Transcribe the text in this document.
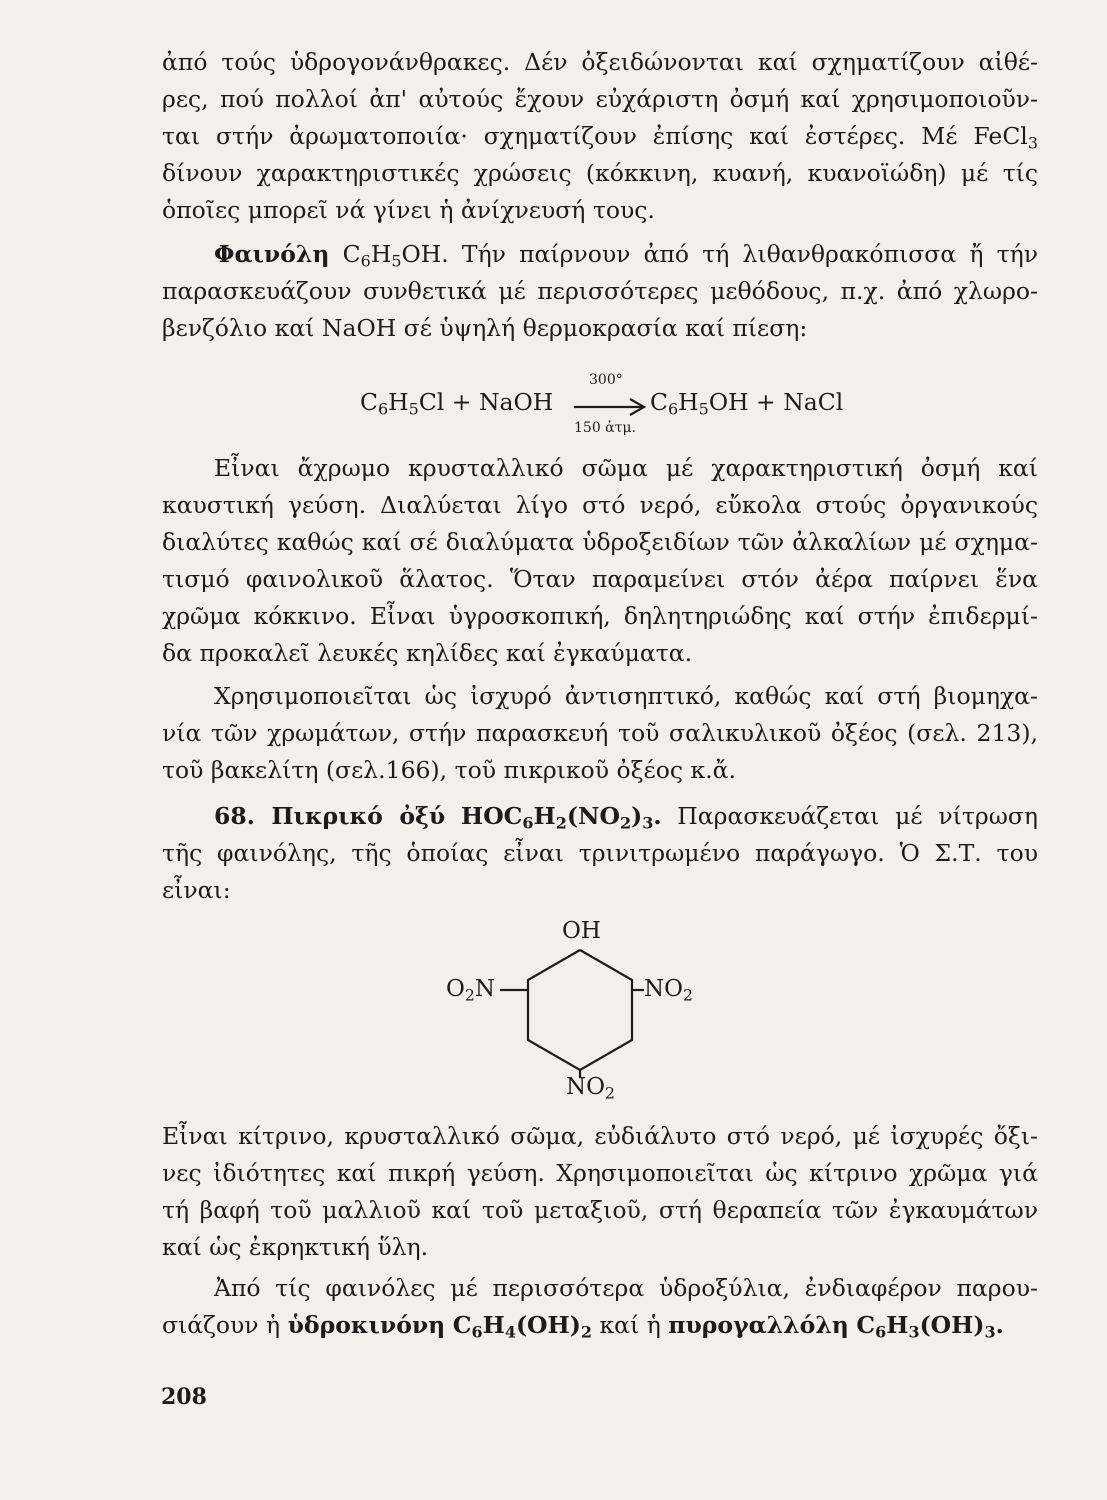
ἀπό τούς ὑδρογονάνθρακες. Δέν ὀξειδώνονται καί σχηματίζουν αἰθέ-
ρες, πού πολλοί ἀπ' αὐτούς ἔχουν εὐχάριστη ὀσμή καί χρησιμοποιοῦν-
ται στήν ἀρωματοποιία· σχηματίζουν ἐπίσης καί ἐστέρες. Μέ FeCl$_3$
δίνουν χαρακτηριστικές χρώσεις (κόκκινη, κυανή, κυανοϊώδη) μέ τίς
ὁποῖες μπορεῖ νά γίνει ἡ ἀνίχνευσή τους.
Φαινόλη $C_6H_5OH$. Τήν παίρνουν ἀπό τή λιθανθρακόπισσα ἤ τήν
παρασκευάζουν συνθετικά μέ περισσότερες μεθόδους, π.χ. ἀπό χλωρο-
βενζόλιο καί NaOH σέ ὑψηλή θερμοκρασία καί πίεση:
$C_6H_5Cl$ + NaOH
300°
150 ἀτμ.
$C_6H_5OH$ + NaCl
Εἶναι ἄχρωμο κρυσταλλικό σῶμα μέ χαρακτηριστική ὀσμή καί
καυστική γεύση. Διαλύεται λίγο στό νερό, εὔκολα στούς ὀργανικούς
διαλύτες καθώς καί σέ διαλύματα ὑδροξειδίων τῶν ἀλκαλίων μέ σχημα-
τισμό φαινολικοῦ ἅλατος. Ὅταν παραμείνει στόν ἀέρα παίρνει ἕνα
χρῶμα κόκκινο. Εἶναι ὑγροσκοπική, δηλητηριώδης καί στήν ἐπιδερμί-
δα προκαλεῖ λευκές κηλίδες καί ἐγκαύματα.
Χρησιμοποιεῖται ὡς ἰσχυρό ἀντισηπτικό, καθώς καί στή βιομηχα-
νία τῶν χρωμάτων, στήν παρασκευή τοῦ σαλικυλικοῦ ὀξέος (σελ. 213),
τοῦ βακελίτη (σελ.166), τοῦ πικρικοῦ ὀξέος κ.ἄ.
68. Πικρικό ὀξύ $HOC_6H_2(NO_2)_3$. Παρασκευάζεται μέ νίτρωση
τῆς φαινόλης, τῆς ὁποίας εἶναι τρινιτρωμένο παράγωγο. Ὁ Σ.Τ. του
εἶναι:
OH
$O_2N$	$NO_2$
$NO_2$
Εἶναι κίτρινο, κρυσταλλικό σῶμα, εὐδιάλυτο στό νερό, μέ ἰσχυρές ὄξι-
νες ἰδιότητες καί πικρή γεύση. Χρησιμοποιεῖται ὡς κίτρινο χρῶμα γιά
τή βαφή τοῦ μαλλιοῦ καί τοῦ μεταξιοῦ, στή θεραπεία τῶν ἐγκαυμάτων
καί ὡς ἐκρηκτική ὕλη.
Ἀπό τίς φαινόλες μέ περισσότερα ὑδροξύλια, ἐνδιαφέρον παρου-
σιάζουν ἡ ὑδροκινόνη $C_6H_4(OH)_2$ καί ἡ πυρογαλλόλη $C_6H_3(OH)_3$.
208
